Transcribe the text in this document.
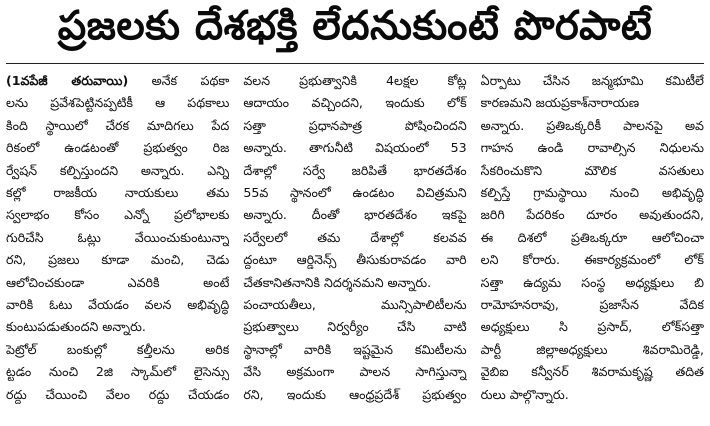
ప్రజలకు దేశభక్తి లేదనుకుంటే పొరపాటే
(1వపేజీ తరువాయి) అనేక పథకా
లను ప్రవేశపెట్టినప్పటికీ ఆ పథకాలు
కింది స్థాయిలో చేరక మాదిగలు పేద
రికంలో ఉండటంతో ప్రభుత్వం రిజ
ర్వేషన్ కల్పిస్తుందని అన్నారు. ఎన్ని
కల్లో రాజకీయ నాయకులు తమ
స్వలాభం కోసం ఎన్నో ప్రలోభాలకు
గురిచేసి ఓట్లు వేయించుకుంటున్నా
రని, ప్రజలు కూడా మంచి, చెడు
ఆలోచించకుండా ఎవరికి అంటే
వారికి ఓటు వేయడం వలన అభివృద్ధి
కుంటుపడుతుందని అన్నారు.
పెట్రోల్ బంకుల్లో కల్తీలను అరిక
ట్టడం నుంచి 2జి స్కామ్‌లో లైసెన్సు
రద్దు చేయించి వేలం రద్దు చేయడం
వలన ప్రభుత్వానికి 4లక్షల కోట్ల
ఆదాయం వచ్చిందని, ఇందుకు లోక్
సత్తా ప్రధానపాత్ర పోషించిందని
అన్నారు. తాగునీటి విషయంలో 53
దేశాల్లో సర్వే జరిపితే భారతదేశం
55వ స్థానంలో ఉండటం విచిత్రమని
అన్నారు. దీంతో భారతదేశం ఇకపై
సర్వేలలో తమ దేశాల్లో కలవవ
ద్దంటూ ఆర్డినెన్స్ తీసుకురావడం వారి
చేతకానితనానికి నిదర్శనమని అన్నారు.
పంచాయతీలు, మున్సిపాలిటీలను
ప్రభుత్వాలు నిర్వర్యీం చేసి వాటి
స్థానాల్లో వారికి ఇష్టమైన కమిటీలను
వేసి అక్రమంగా పాలన సాగిస్తున్నా
రని, ఇందుకు ఆంధ్రప్రదేశ్ ప్రభుత్వం
ఏర్పాటు చేసిన జన్మభూమి కమిటీలే
కారణమని జయప్రకాశ్‌నారాయణ
అన్నారు. ప్రతిఒక్కరికీ పాలనపై అవ
గాహన ఉండి రావాల్సిన నిధులను
సేకరించుకొని మౌలిక వసతులు
కల్పిస్తే గ్రామస్థాయి నుంచి అభివృద్ధి
జరిగి పేదరికం దూరం అవుతుందని,
ఈ దిశలో ప్రతిఒక్కరూ ఆలోచించా
లని కోరారు. ఈకార్యక్రమంలో లోక్
సత్తా ఉద్యమ సంస్థ అధ్యక్షులు బి
రామోహనరావు, ప్రజాసేన వేదిక
అధ్యక్షులు సి ప్రసాద్, లోక్‌సత్తా
పార్టీ జిల్లాఅధ్యక్షులు శివరామిరెడ్డి,
వైబిఐ కన్వీనర్ శివరామకృష్ణ తదిత
రులు పాల్గొన్నారు.
